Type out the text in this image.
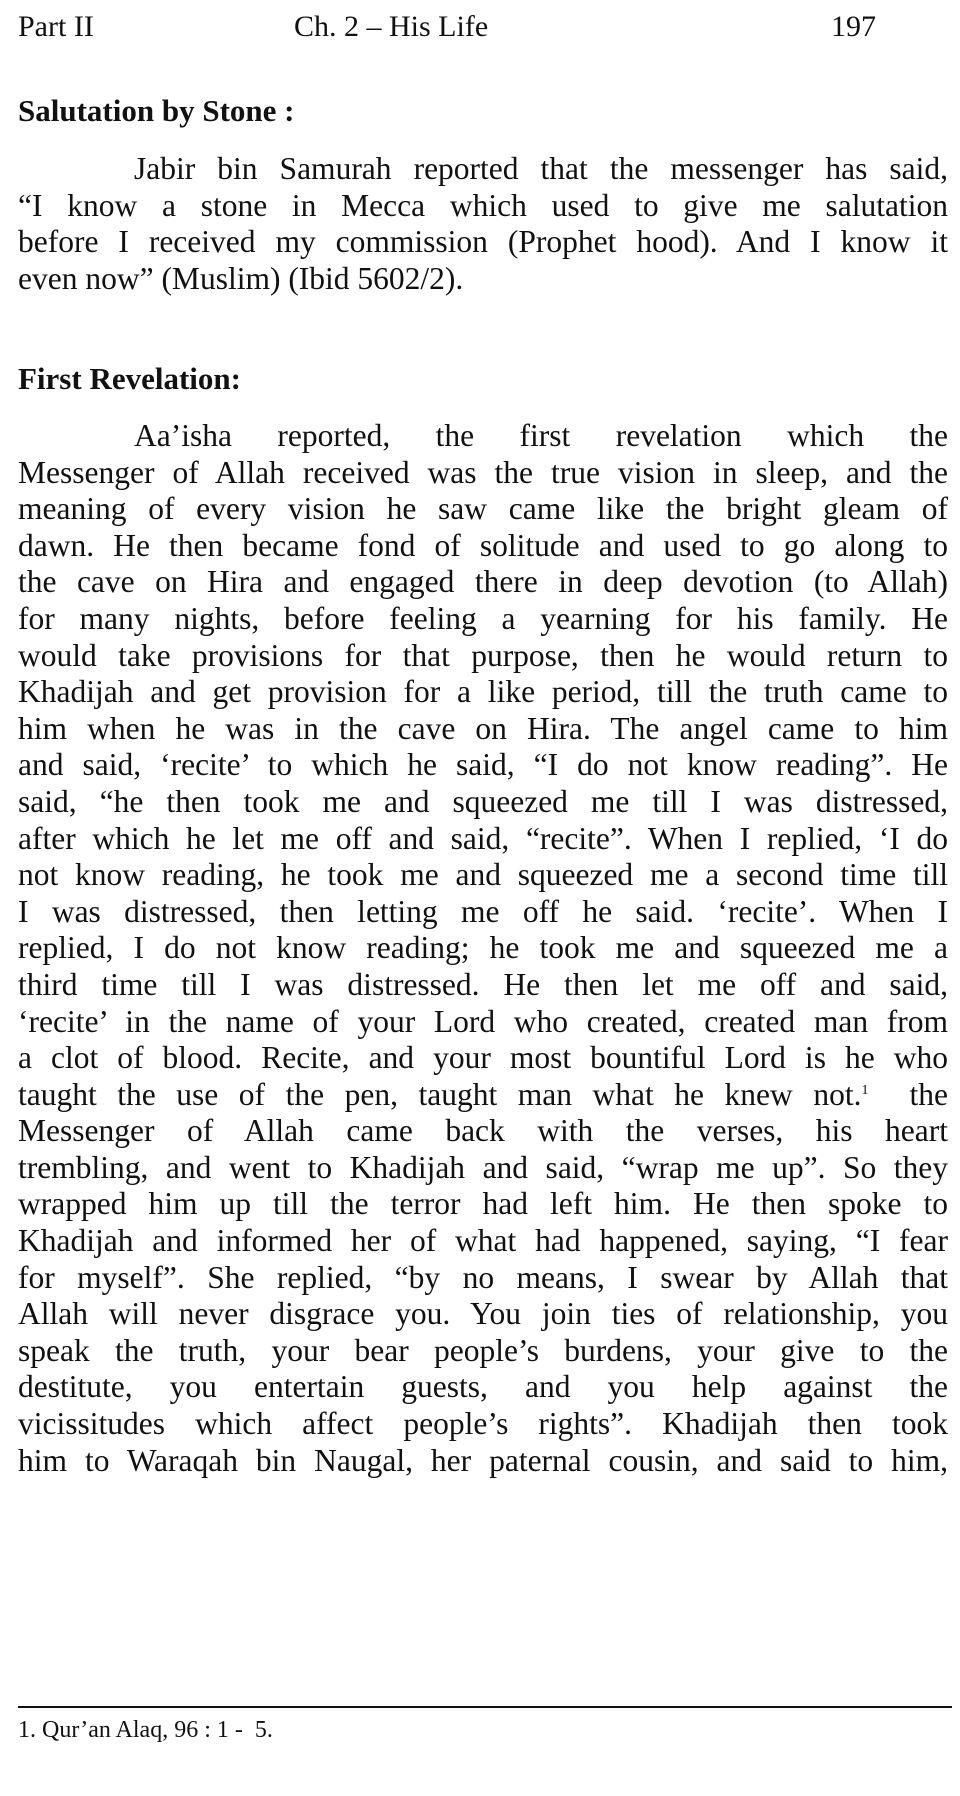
Part II	Ch. 2 – His Life	197
Salutation by Stone :
Jabir bin Samurah reported that the messenger has said,
“I know a stone in Mecca which used to give me salutation
before I received my commission (Prophet hood). And I know it
even now” (Muslim) (Ibid 5602/2).
First Revelation:
Aa’isha reported, the first revelation which the
Messenger of Allah received was the true vision in sleep, and the
meaning of every vision he saw came like the bright gleam of
dawn. He then became fond of solitude and used to go along to
the cave on Hira and engaged there in deep devotion (to Allah)
for many nights, before feeling a yearning for his family. He
would take provisions for that purpose, then he would return to
Khadijah and get provision for a like period, till the truth came to
him when he was in the cave on Hira. The angel came to him
and said, ‘recite’ to which he said, “I do not know reading”. He
said, “he then took me and squeezed me till I was distressed,
after which he let me off and said, “recite”. When I replied, ‘I do
not know reading, he took me and squeezed me a second time till
I was distressed, then letting me off he said. ‘recite’. When I
replied, I do not know reading; he took me and squeezed me a
third time till I was distressed. He then let me off and said,
‘recite’ in the name of your Lord who created, created man from
a clot of blood. Recite, and your most bountiful Lord is he who
taught the use of the pen, taught man what he knew not.$^1$ the
Messenger of Allah came back with the verses, his heart
trembling, and went to Khadijah and said, “wrap me up”. So they
wrapped him up till the terror had left him. He then spoke to
Khadijah and informed her of what had happened, saying, “I fear
for myself”. She replied, “by no means, I swear by Allah that
Allah will never disgrace you. You join ties of relationship, you
speak the truth, your bear people’s burdens, your give to the
destitute, you entertain guests, and you help against the
vicissitudes which affect people’s rights”. Khadijah then took
him to Waraqah bin Naugal, her paternal cousin, and said to him,
1. Qur’an Alaq, 96 : 1 -  5.
